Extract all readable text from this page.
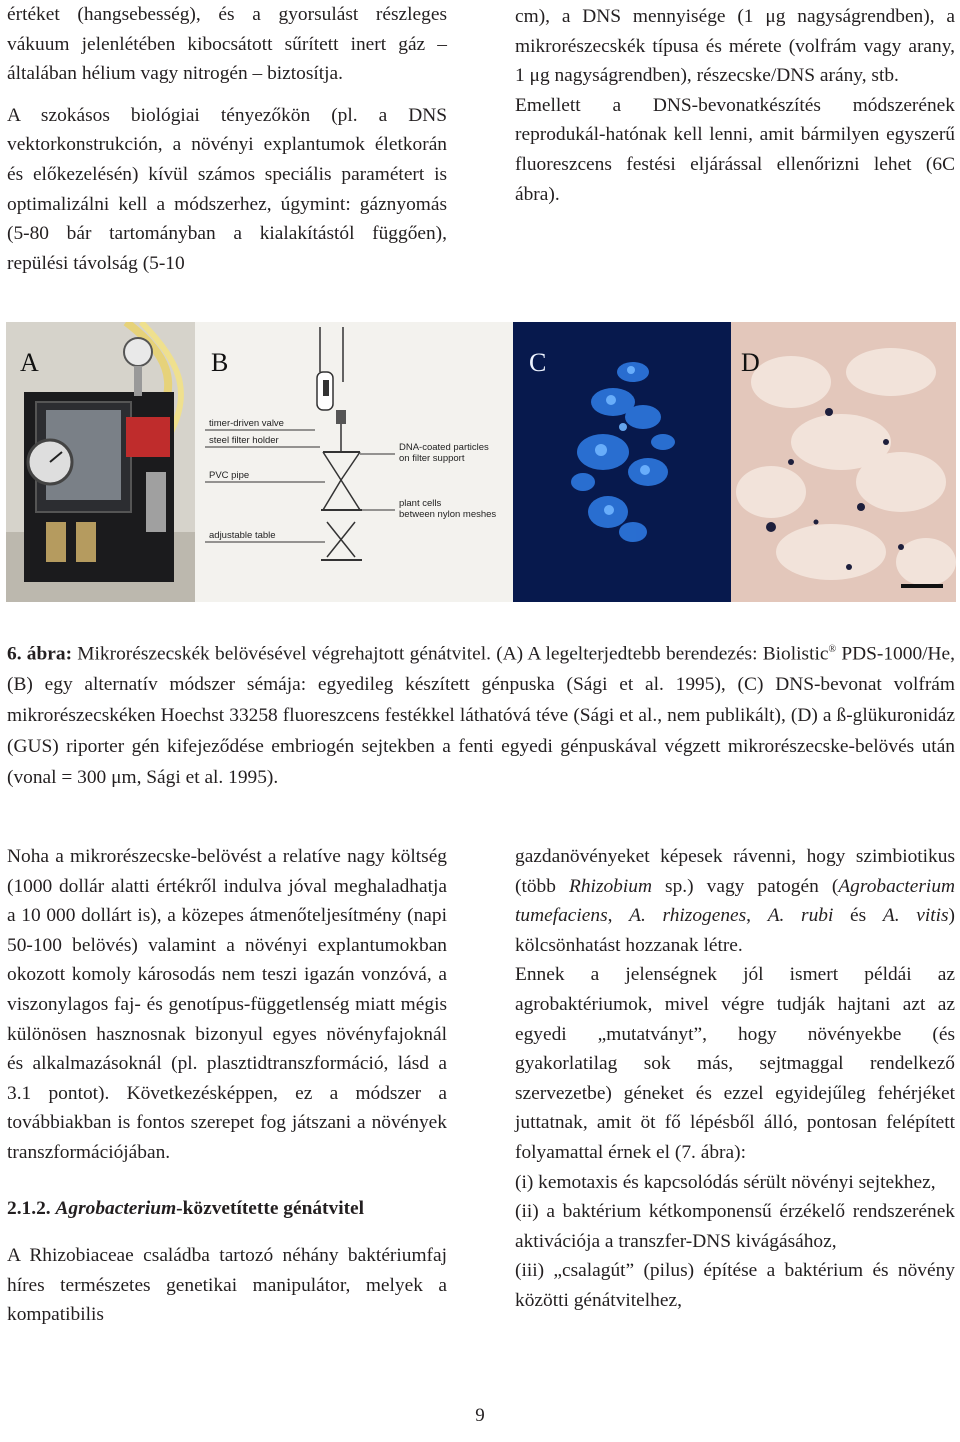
értéket (hangsebesség), és a gyorsulást részleges vákuum jelenlétében kibocsátott sűrített inert gáz – általában hélium vagy nitrogén – biztosítja.

A szokásos biológiai tényezőkön (pl. a DNS vektorkonstrukción, a növényi explantumok életkorán és előkezelésén) kívül számos speciális paramétert is optimalizálni kell a módszerhez, úgymint: gáznyomás (5-80 bár tartományban a kialakítástól függően), repülési távolság (5-10

cm), a DNS mennyisége (1 μg nagyságrendben), a mikrorészecskék típusa és mérete (volfrám vagy arany, 1 μg nagyságrendben), részecske/DNS arány, stb.

Emellett a DNS-bevonatkészítés módszerének reprodukál-hatónak kell lenni, amit bármilyen egyszerű fluoreszcens festési eljárással ellenőrizni lehet (6C ábra).

A
timer-driven valve
steel filter holder
PVC pipe
adjustable table
DNA-coated particles
on filter support
plant cells
between nylon meshes
B	C	D
6. ábra: Mikrorészecskék belövésével végrehajtott génátvitel. (A) A legelterjedtebb berendezés: Biolistic® PDS-1000/He, (B) egy alternatív módszer sémája: egyedileg készített génpuska (Sági et al. 1995), (C) DNS-bevonat volfrám mikrorészecskéken Hoechst 33258 fluoreszcens festékkel láthatóvá téve (Sági et al., nem publikált), (D) a ß-glükuronidáz (GUS) riporter gén kifejeződése embriogén sejtekben a fenti egyedi génpuskával végzett mikrorészecske-belövés után (vonal = 300 μm, Sági et al. 1995).

Noha a mikrorészecske-belövést a relatíve nagy költség (1000 dollár alatti értékről indulva jóval meghaladhatja a 10 000 dollárt is), a közepes átmenőteljesítmény (napi 50-100 belövés) valamint a növényi explantumokban okozott komoly károsodás nem teszi igazán vonzóvá, a viszonylagos faj- és genotípus-függetlenség miatt mégis különösen hasznosnak bizonyul egyes növényfajoknál és alkalmazásoknál (pl. plasztidtranszformáció, lásd a 3.1 pontot). Következésképpen, ez a módszer a továbbiakban is fontos szerepet fog játszani a növények transzformációjában.

2.1.2. Agrobacterium-közvetítette génátvitel

A Rhizobiaceae családba tartozó néhány baktériumfaj híres természetes genetikai manipulátor, melyek a kompatibilis

gazdanövényeket képesek rávenni, hogy szimbiotikus (több Rhizobium sp.) vagy patogén (Agrobacterium tumefaciens, A. rhizogenes, A. rubi és A. vitis) kölcsönhatást hozzanak létre.

Ennek a jelenségnek jól ismert példái az agrobaktériumok, mivel végre tudják hajtani azt az egyedi „mutatványt”, hogy növényekbe (és gyakorlatilag sok más, sejtmaggal rendelkező szervezetbe) géneket és ezzel egyidejűleg fehérjéket juttatnak, amit öt fő lépésből álló, pontosan felépített folyamattal érnek el (7. ábra):

(i) kemotaxis és kapcsolódás sérült növényi sejtekhez,

(ii) a baktérium kétkomponensű érzékelő rendszerének aktivációja a transzfer-DNS kivágásához,

(iii) „csalagút” (pilus) építése a baktérium és növény közötti génátvitelhez,

9
